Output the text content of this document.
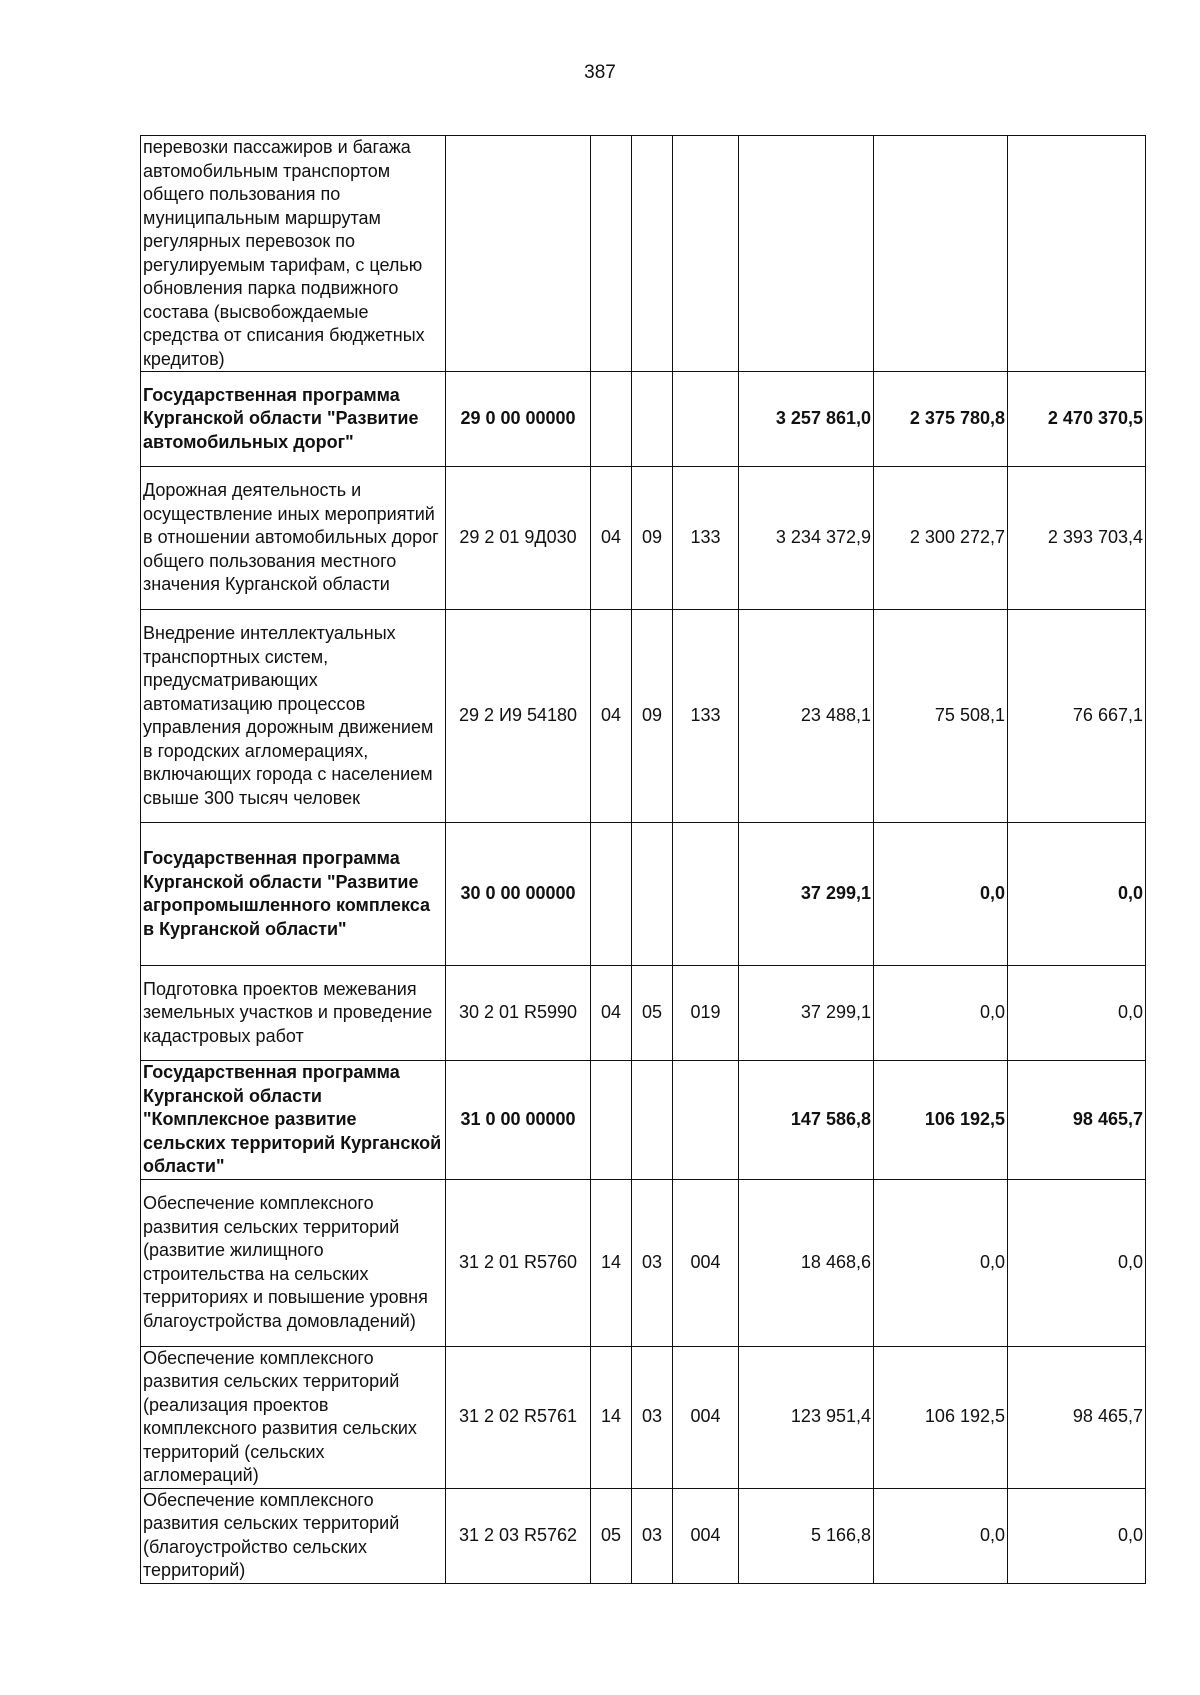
387
перевозки пассажиров и багажа автомобильным транспортом общего пользования по муниципальным маршрутам регулярных перевозок по регулируемым тарифам, с целью обновления парка подвижного состава (высвобождаемые средства от списания бюджетных кредитов)							
Государственная программа Курганской области "Развитие автомобильных дорог"	29 0 00 00000				3 257 861,0	2 375 780,8	2 470 370,5
Дорожная деятельность и осуществление иных мероприятий в отношении автомобильных дорог общего пользования местного значения Курганской области	29 2 01 9Д030	04	09	133	3 234 372,9	2 300 272,7	2 393 703,4
Внедрение интеллектуальных транспортных систем, предусматривающих автоматизацию процессов управления дорожным движением в городских агломерациях, включающих города с населением свыше 300 тысяч человек	29 2 И9 54180	04	09	133	23 488,1	75 508,1	76 667,1
Государственная программа Курганской области "Развитие агропромышленного комплекса в Курганской области"	30 0 00 00000				37 299,1	0,0	0,0
Подготовка проектов межевания земельных участков и проведение кадастровых работ	30 2 01 R5990	04	05	019	37 299,1	0,0	0,0
Государственная программа Курганской области "Комплексное развитие сельских территорий Курганской области"	31 0 00 00000				147 586,8	106 192,5	98 465,7
Обеспечение комплексного развития сельских территорий (развитие жилищного строительства на сельских территориях и повышение уровня благоустройства домовладений)	31 2 01 R5760	14	03	004	18 468,6	0,0	0,0
Обеспечение комплексного развития сельских территорий (реализация проектов комплексного развития сельских территорий (сельских агломераций)	31 2 02 R5761	14	03	004	123 951,4	106 192,5	98 465,7
Обеспечение комплексного развития сельских территорий (благоустройство сельских территорий)	31 2 03 R5762	05	03	004	5 166,8	0,0	0,0
